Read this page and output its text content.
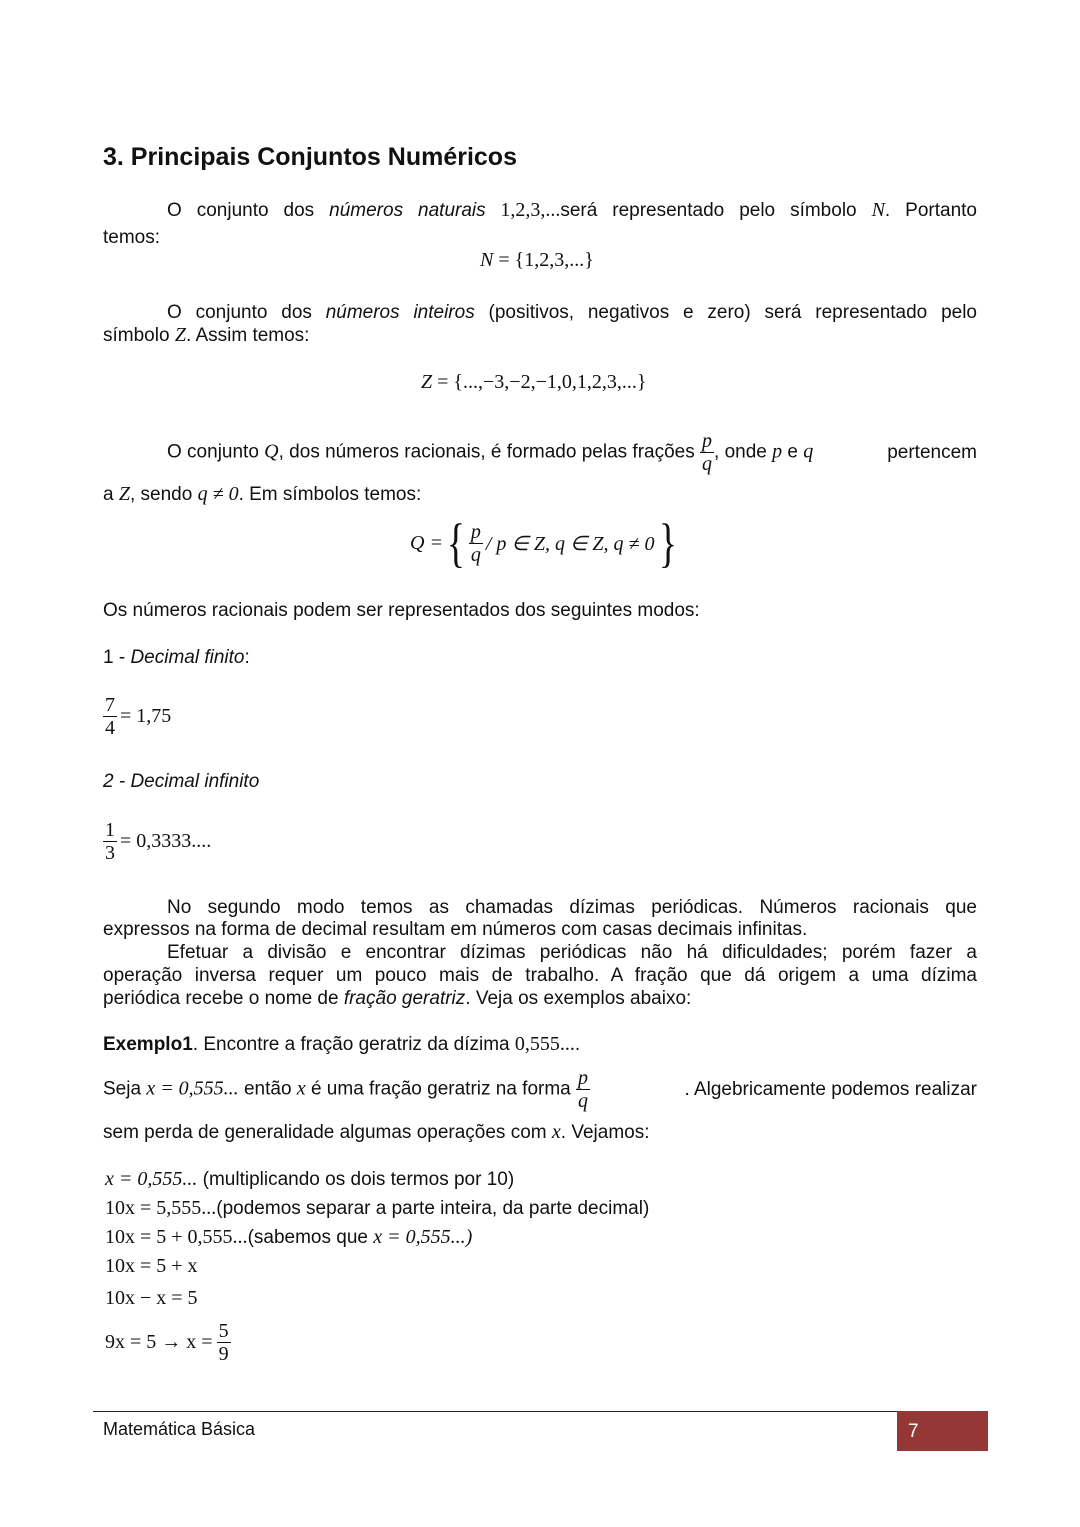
3. Principais Conjuntos Numéricos
O conjunto dos números naturais 1,2,3,...será representado pelo símbolo N. Portanto
temos:
N = {1,2,3,...}
O conjunto dos números inteiros (positivos, negativos e zero) será representado pelo
símbolo Z. Assim temos:
Z = {...,−3,−2,−1,0,1,2,3,...}
O conjunto Q, dos números racionais, é formado pelas frações $\frac{p}{q}$ , onde p e q	pertencem
a Z, sendo q ≠ 0. Em símbolos temos:
Q = { $\frac{p}{q}$ / p ∈ Z, q ∈ Z, q ≠ 0 }
Os números racionais podem ser representados dos seguintes modos:
1 - Decimal finito:
$\frac{7}{4} = 1,75$
2 - Decimal infinito
$\frac{1}{3} = 0,3333$....
No segundo modo temos as chamadas dízimas periódicas. Números racionais que
expressos na forma de decimal resultam em números com casas decimais infinitas.
Efetuar a divisão e encontrar dízimas periódicas não há dificuldades; porém fazer a
operação inversa requer um pouco mais de trabalho. A fração que dá origem a uma dízima
periódica recebe o nome de fração geratriz. Veja os exemplos abaixo:
Exemplo1. Encontre a fração geratriz da dízima 0,555....
Seja x = 0,555... então x é uma fração geratriz na forma $\frac{p}{q}$	. Algebricamente podemos realizar
sem perda de generalidade algumas operações com x. Vejamos:
x = 0,555... (multiplicando os dois termos por 10)
10x = 5,555...(podemos separar a parte inteira, da parte decimal)
10x = 5 + 0,555...(sabemos que x = 0,555...)
10x = 5 + x
10x − x = 5
$9x = 5 \to x = \frac{5}{9}$
Matemática Básica	7
